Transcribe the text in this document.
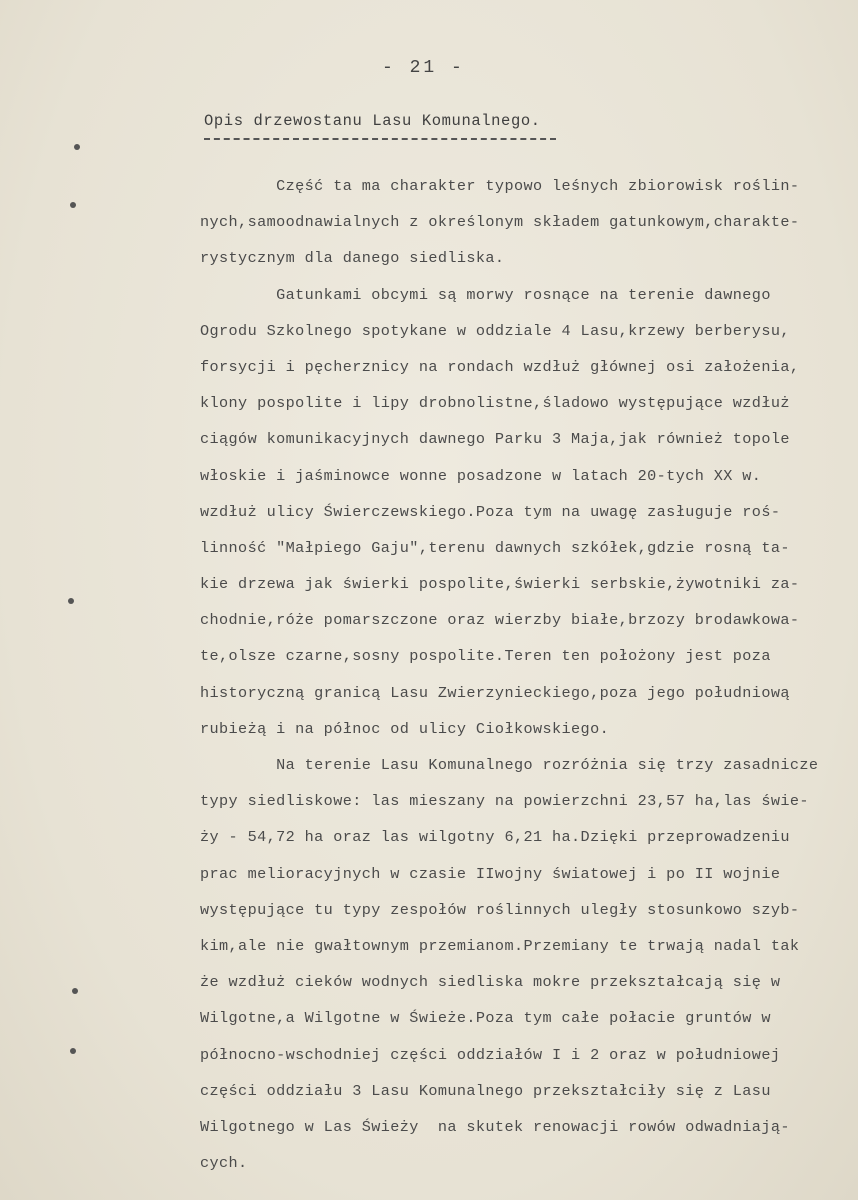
- 21 -
Opis drzewostanu Lasu Komunalnego.
Część ta ma charakter typowo leśnych zbiorowisk roślin-
nych,samoodnawialnych z określonym składem gatunkowym,charakte-
rystycznym dla danego siedliska.
Gatunkami obcymi są morwy rosnące na terenie dawnego
Ogrodu Szkolnego spotykane w oddziale 4 Lasu,krzewy berberysu,
forsycji i pęcherznicy na rondach wzdłuż głównej osi założenia,
klony pospolite i lipy drobnolistne,śladowo występujące wzdłuż
ciągów komunikacyjnych dawnego Parku 3 Maja,jak również topole
włoskie i jaśminowce wonne posadzone w latach 20-tych XX w.
wzdłuż ulicy Świerczewskiego.Poza tym na uwagę zasługuje roś-
linność "Małpiego Gaju",terenu dawnych szkółek,gdzie rosną ta-
kie drzewa jak świerki pospolite,świerki serbskie,żywotniki za-
chodnie,róże pomarszczone oraz wierzby białe,brzozy brodawkowa-
te,olsze czarne,sosny pospolite.Teren ten położony jest poza
historyczną granicą Lasu Zwierzynieckiego,poza jego południową
rubieżą i na północ od ulicy Ciołkowskiego.
Na terenie Lasu Komunalnego rozróżnia się trzy zasadnicze
typy siedliskowe: las mieszany na powierzchni 23,57 ha,las świe-
ży - 54,72 ha oraz las wilgotny 6,21 ha.Dzięki przeprowadzeniu
prac melioracyjnych w czasie IIwojny światowej i po II wojnie
występujące tu typy zespołów roślinnych uległy stosunkowo szyb-
kim,ale nie gwałtownym przemianom.Przemiany te trwają nadal tak
że wzdłuż cieków wodnych siedliska mokre przekształcają się w
Wilgotne,a Wilgotne w Świeże.Poza tym całe połacie gruntów w
północno-wschodniej części oddziałów I i 2 oraz w południowej
części oddziału 3 Lasu Komunalnego przekształciły się z Lasu
Wilgotnego w Las Świeży  na skutek renowacji rowów odwadniają-
cych.
